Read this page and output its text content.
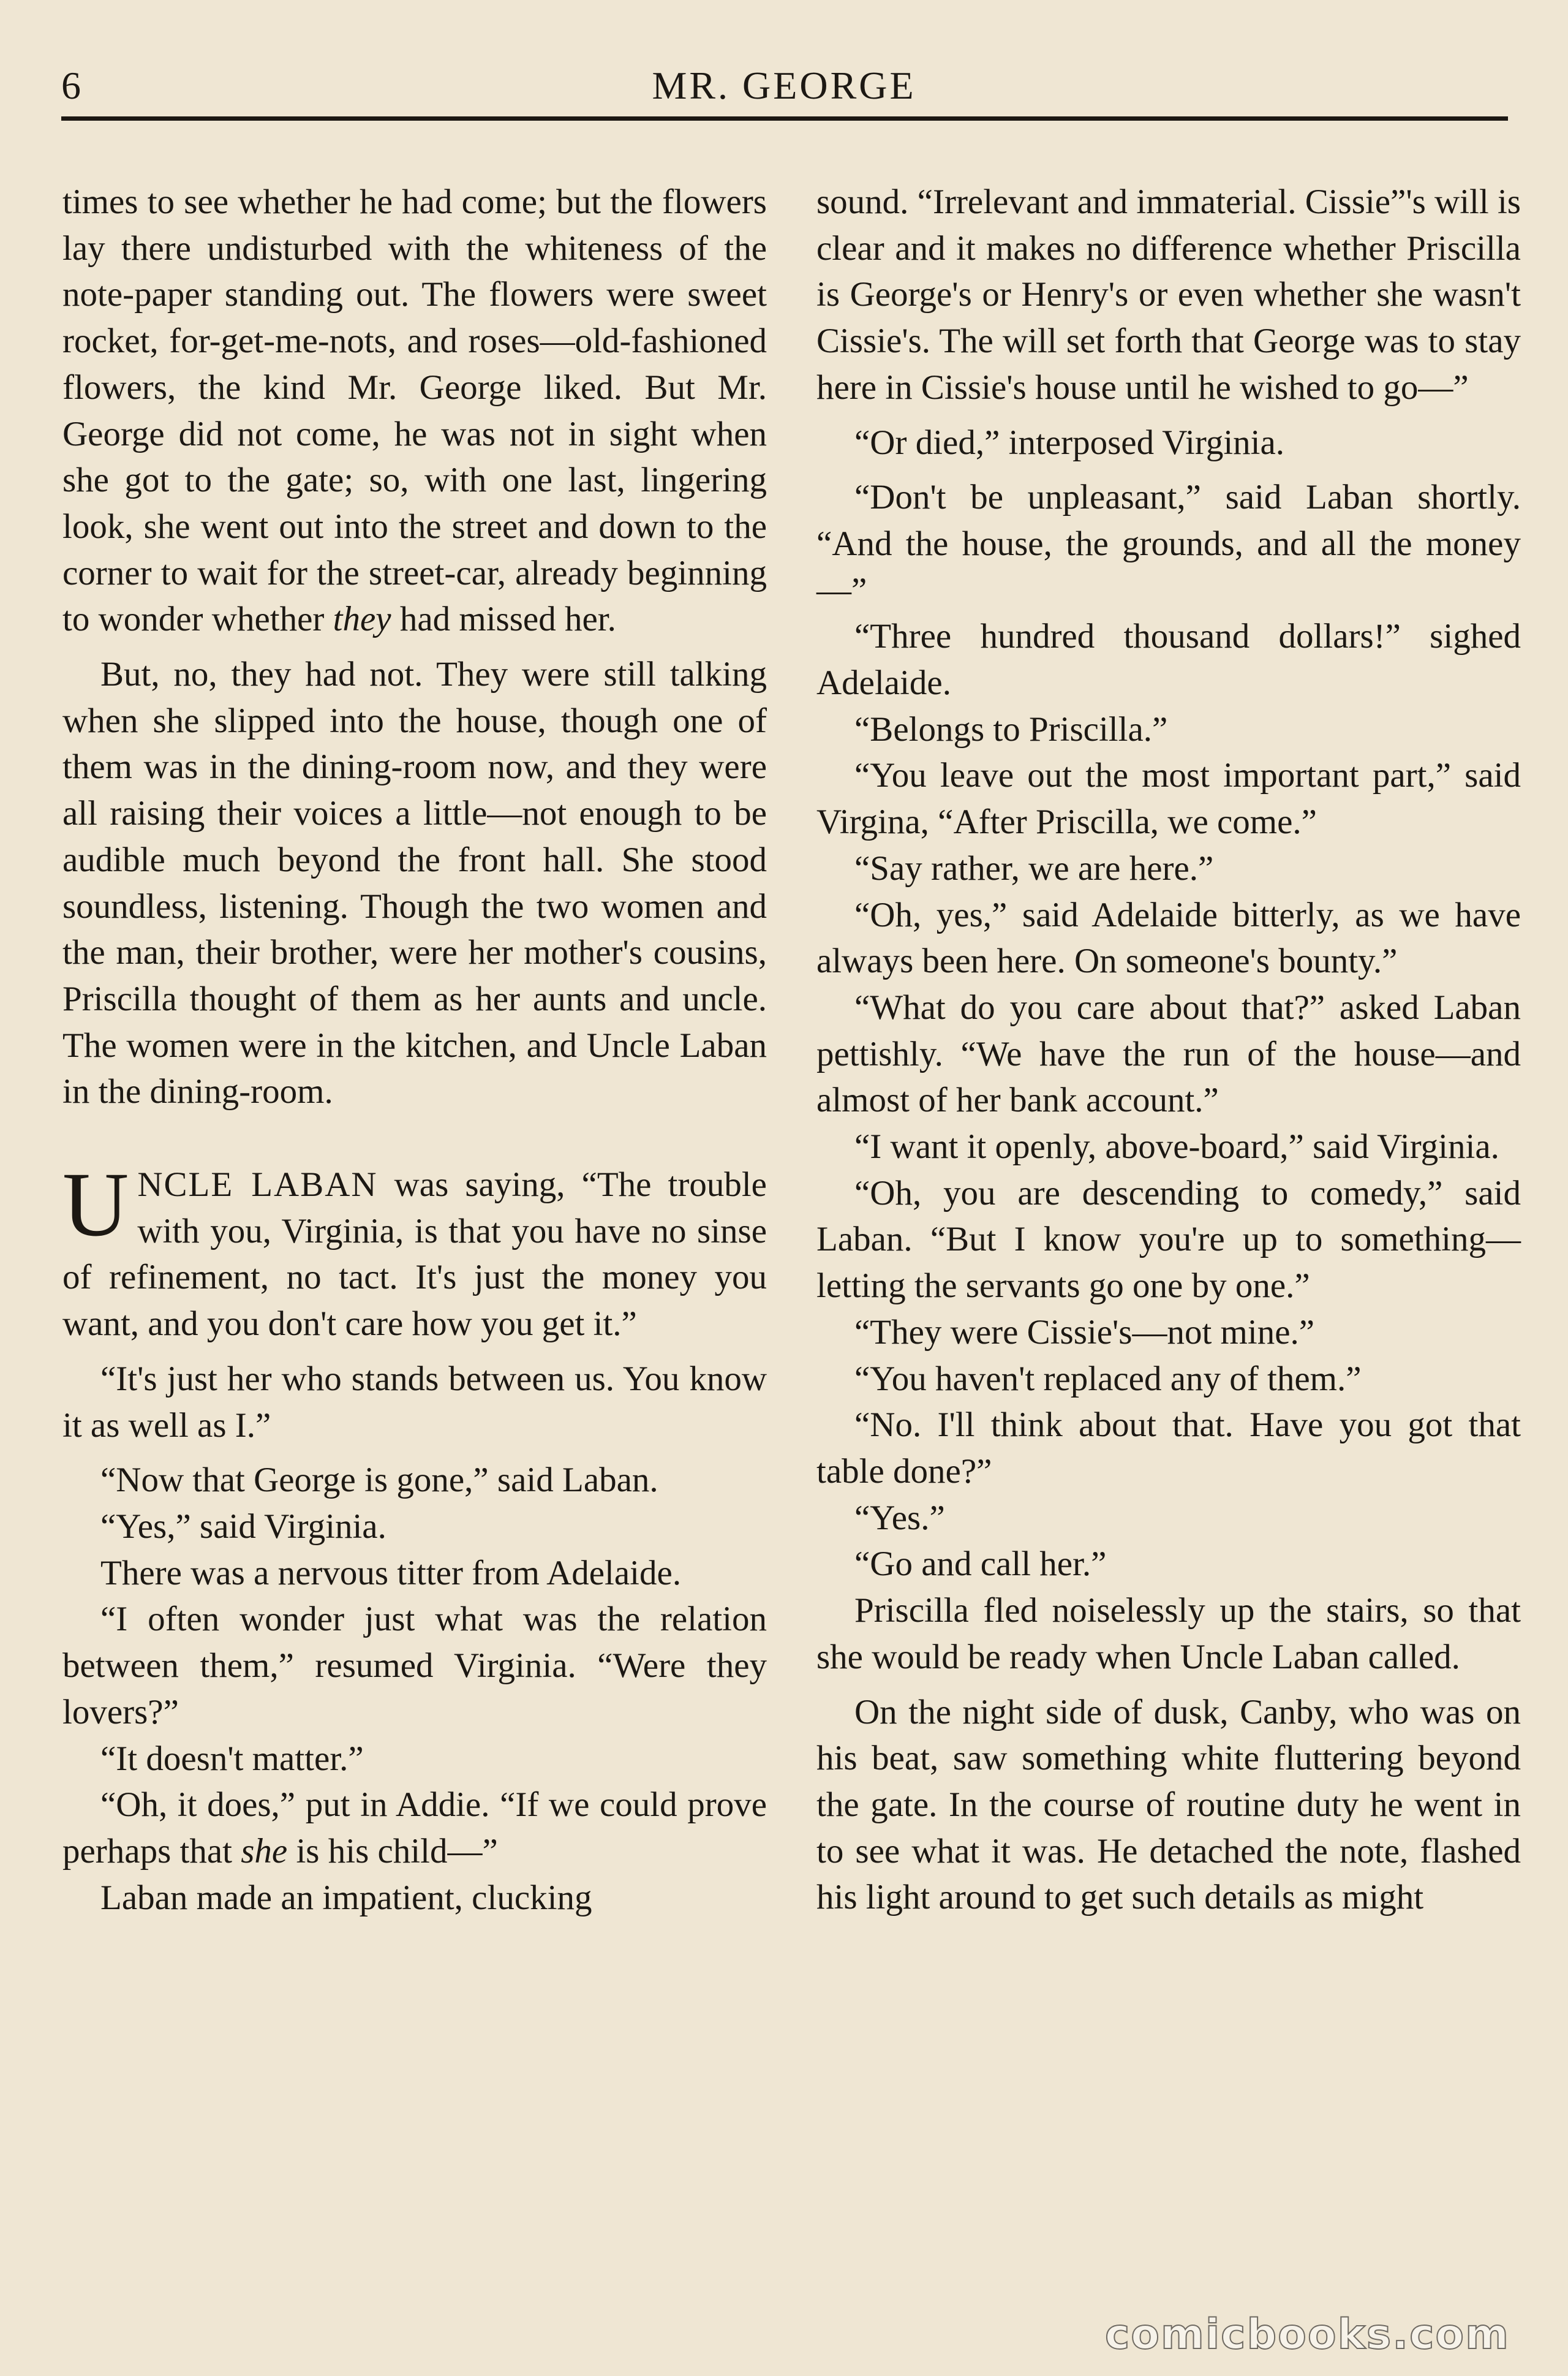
6	MR. GEORGE

times to see whether he had come; but the flowers lay there undisturbed with the whiteness of the note-paper standing out. The flowers were sweet rocket, for-get-me-nots, and roses—old-fashioned flowers, the kind Mr. George liked. But Mr. George did not come, he was not in sight when she got to the gate; so, with one last, lingering look, she went out into the street and down to the corner to wait for the street-car, already beginning to wonder whether they had missed her.

But, no, they had not. They were still talking when she slipped into the house, though one of them was in the dining-room now, and they were all raising their voices a little—not enough to be audible much beyond the front hall. She stood soundless, listening. Though the two women and the man, their brother, were her mother's cousins, Priscilla thought of them as her aunts and uncle. The women were in the kitchen, and Uncle Laban in the dining-room.

UNCLE LABAN was saying, “The trouble with you, Virginia, is that you have no sinse of refinement, no tact. It's just the money you want, and you don't care how you get it.”

“It's just her who stands between us. You know it as well as I.”

“Now that George is gone,” said Laban.

“Yes,” said Virginia.

There was a nervous titter from Adelaide.

“I often wonder just what was the relation between them,” resumed Virginia. “Were they lovers?”

“It doesn't matter.”

“Oh, it does,” put in Addie. “If we could prove perhaps that she is his child—”

Laban made an impatient, clucking

sound. “Irrelevant and immaterial. Cissie”'s will is clear and it makes no difference whether Priscilla is George's or Henry's or even whether she wasn't Cissie's. The will set forth that George was to stay here in Cissie's house until he wished to go—”

“Or died,” interposed Virginia.

“Don't be unpleasant,” said Laban shortly. “And the house, the grounds, and all the money—”

“Three hundred thousand dollars!” sighed Adelaide.

“Belongs to Priscilla.”

“You leave out the most important part,” said Virgina, “After Priscilla, we come.”

“Say rather, we are here.”

“Oh, yes,” said Adelaide bitterly, as we have always been here. On someone's bounty.”

“What do you care about that?” asked Laban pettishly. “We have the run of the house—and almost of her bank account.”

“I want it openly, above-board,” said Virginia.

“Oh, you are descending to comedy,” said Laban. “But I know you're up to something—letting the servants go one by one.”

“They were Cissie's—not mine.”

“You haven't replaced any of them.”

“No. I'll think about that. Have you got that table done?”

“Yes.”

“Go and call her.”

Priscilla fled noiselessly up the stairs, so that she would be ready when Uncle Laban called.

On the night side of dusk, Canby, who was on his beat, saw something white fluttering beyond the gate. In the course of routine duty he went in to see what it was. He detached the note, flashed his light around to get such details as might

comicbooks.com
